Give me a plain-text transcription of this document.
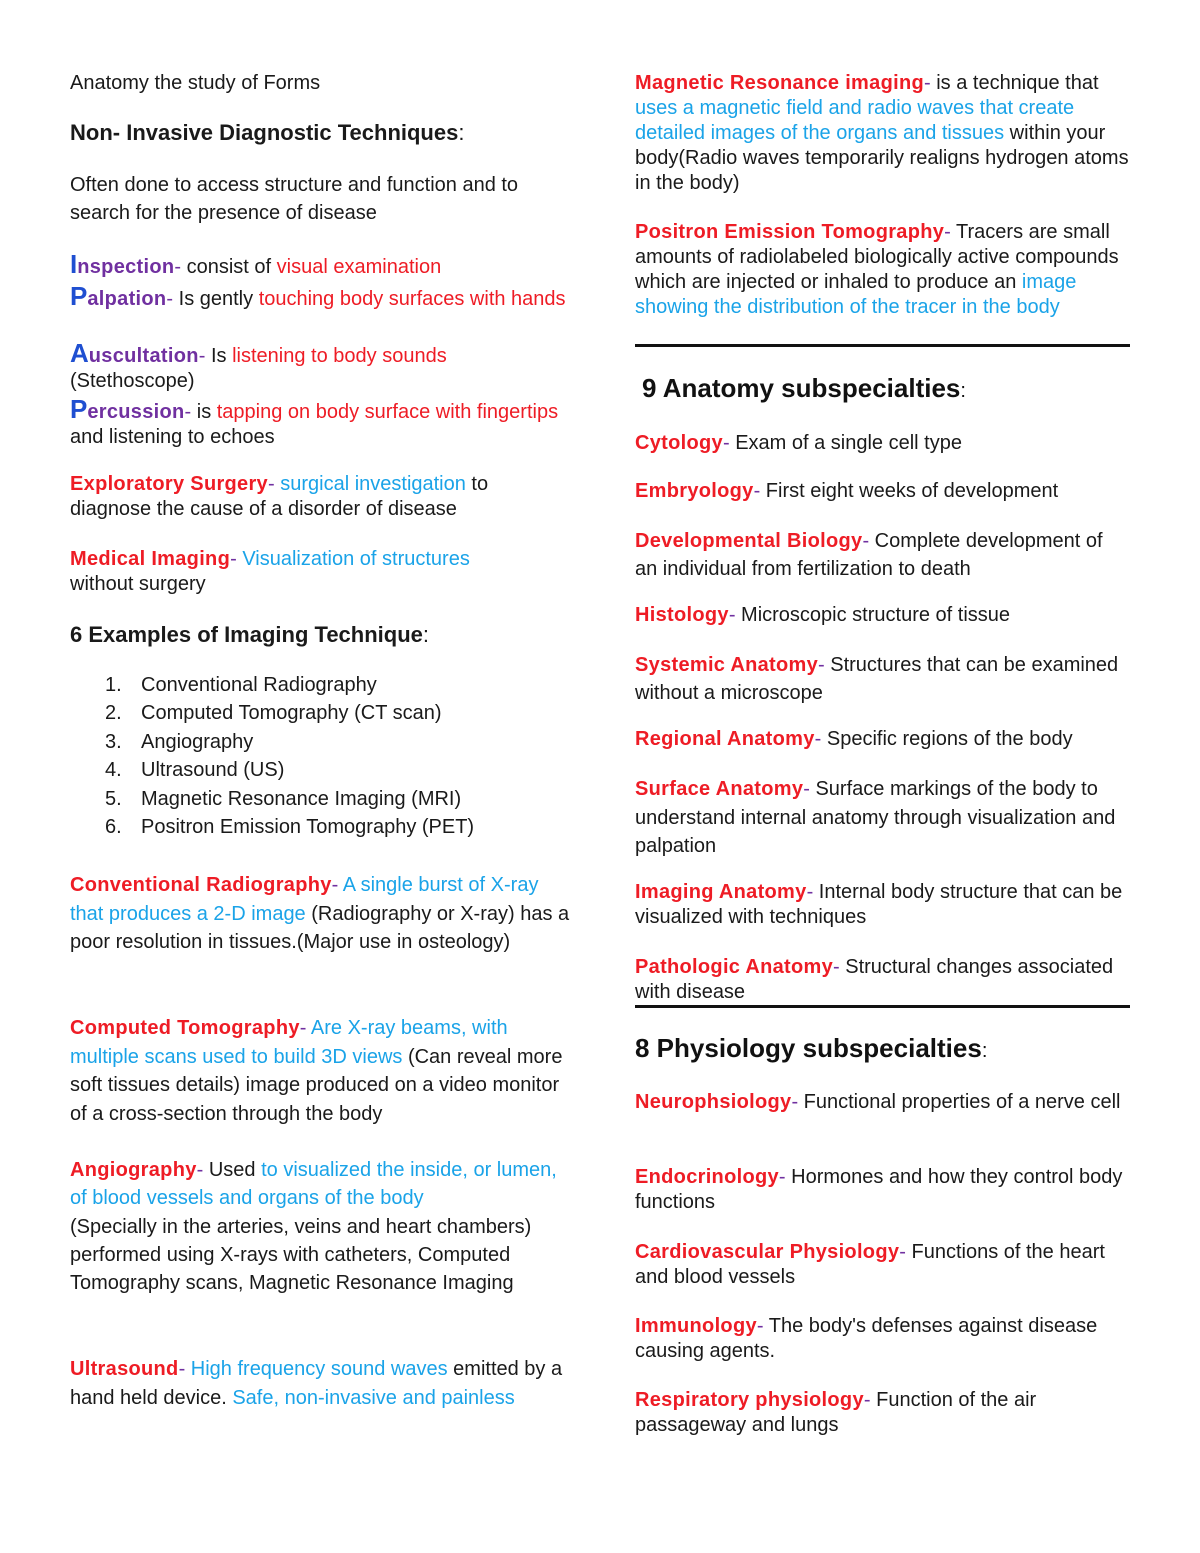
Anatomy the study of Forms

Non- Invasive Diagnostic Techniques:

Often done to access structure and function and to search for the presence of disease

Inspection- consist of visual examination

Palpation- Is gently touching body surfaces with hands

Auscultation- Is listening to body sounds
(Stethoscope)

Percussion- is tapping on body surface with fingertips and listening to echoes

Exploratory Surgery- surgical investigation to diagnose the cause of a disorder of disease

Medical Imaging- Visualization of structures
without surgery

6 Examples of Imaging Technique:

1. Conventional Radiography
2. Computed Tomography (CT scan)
3. Angiography
4. Ultrasound (US)
5. Magnetic Resonance Imaging (MRI)
6. Positron Emission Tomography (PET)

Conventional Radiography- A single burst of X-ray that produces a 2-D image (Radiography or X-ray) has a poor resolution in tissues.(Major use in osteology)

Computed Tomography- Are X-ray beams, with multiple scans used to build 3D views (Can reveal more soft tissues details) image produced on a video monitor of a cross-section through the body

Angiography- Used to visualized the inside, or lumen, of blood vessels and organs of the body
(Specially in the arteries, veins and heart chambers) performed using X-rays with catheters, Computed Tomography scans, Magnetic Resonance Imaging

Ultrasound- High frequency sound waves emitted by a hand held device. Safe, non-invasive and painless

Magnetic Resonance imaging- is a technique that uses a magnetic field and radio waves that create detailed images of the organs and tissues within your body(Radio waves temporarily realigns hydrogen atoms in the body)

Positron Emission Tomography- Tracers are small amounts of radiolabeled biologically active compounds which are injected or inhaled to produce an image showing the distribution of the tracer in the body

9 Anatomy subspecialties:

Cytology- Exam of a single cell type

Embryology- First eight weeks of development

Developmental Biology- Complete development of an individual from fertilization to death

Histology- Microscopic structure of tissue

Systemic Anatomy- Structures that can be examined without a microscope

Regional Anatomy- Specific regions of the body

Surface Anatomy- Surface markings of the body to understand internal anatomy through visualization and palpation

Imaging Anatomy- Internal body structure that can be visualized with techniques

Pathologic Anatomy- Structural changes associated with disease

8 Physiology subspecialties:

Neurophsiology- Functional properties of a nerve cell

Endocrinology- Hormones and how they control body functions

Cardiovascular Physiology- Functions of the heart and blood vessels

Immunology- The body's defenses against disease causing agents.

Respiratory physiology- Function of the air passageway and lungs
